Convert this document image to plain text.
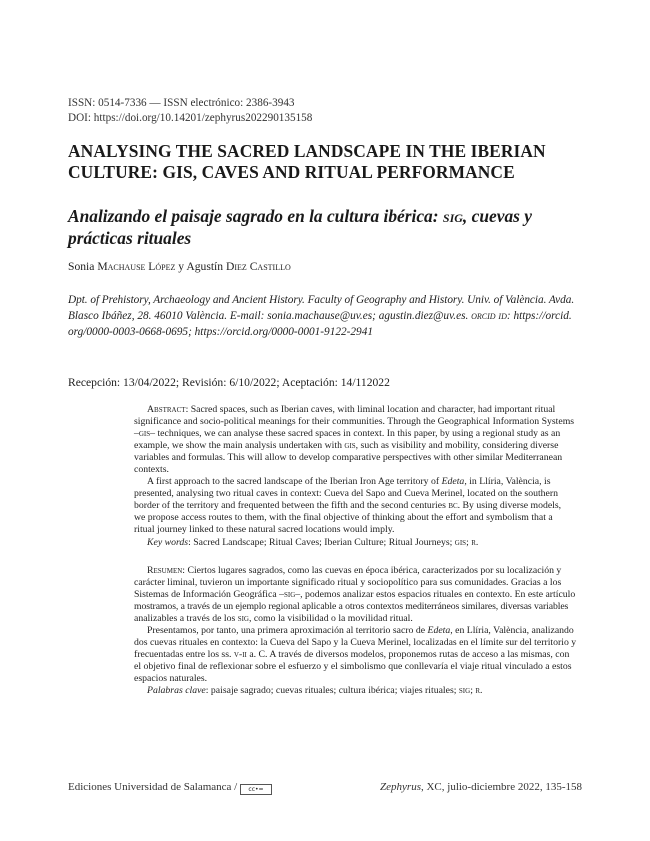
ISSN: 0514-7336 — ISSN electrónico: 2386-3943
DOI: https://doi.org/10.14201/zephyrus202290135158
ANALYSING THE SACRED LANDSCAPE IN THE IBERIAN
CULTURE: GIS, CAVES AND RITUAL PERFORMANCE
Analizando el paisaje sagrado en la cultura ibérica: sig, cuevas y
prácticas rituales
Sonia Machause López y Agustín Diez Castillo
Dpt. of Prehistory, Archaeology and Ancient History. Faculty of Geography and History. Univ. of València. Avda.
Blasco Ibáñez, 28. 46010 València. E-mail: sonia.machause@uv.es; agustin.diez@uv.es. orcid id: https://orcid.
org/0000-0003-0668-0695; https://orcid.org/0000-0001-9122-2941
Recepción: 13/04/2022; Revisión: 6/10/2022; Aceptación: 14/112022
Abstract: Sacred spaces, such as Iberian caves, with liminal location and character, had important ritual
significance and socio-political meanings for their communities. Through the Geographical Information Systems
–gis– techniques, we can analyse these sacred spaces in context. In this paper, by using a regional study as an
example, we show the main analysis undertaken with gis, such as visibility and mobility, considering diverse
variables and formulas. This will allow to develop comparative perspectives with other similar Mediterranean
contexts.
A first approach to the sacred landscape of the Iberian Iron Age territory of Edeta, in Llíria, València, is
presented, analysing two ritual caves in context: Cueva del Sapo and Cueva Merinel, located on the southern
border of the territory and frequented between the fifth and the second centuries bc. By using diverse models,
we propose access routes to them, with the final objective of thinking about the effort and symbolism that a
ritual journey linked to these natural sacred locations would imply.
Key words: Sacred Landscape; Ritual Caves; Iberian Culture; Ritual Journeys; gis; r.
Resumen: Ciertos lugares sagrados, como las cuevas en época ibérica, caracterizados por su localización y
carácter liminal, tuvieron un importante significado ritual y sociopolítico para sus comunidades. Gracias a los
Sistemas de Información Geográfica –sig–, podemos analizar estos espacios rituales en contexto. En este artículo
mostramos, a través de un ejemplo regional aplicable a otros contextos mediterráneos similares, diversas variables
analizables a través de los sig, como la visibilidad o la movilidad ritual.
Presentamos, por tanto, una primera aproximación al territorio sacro de Edeta, en Llíria, València, analizando
dos cuevas rituales en contexto: la Cueva del Sapo y la Cueva Merinel, localizadas en el límite sur del territorio y
frecuentadas entre los ss. v-ii a. C. A través de diversos modelos, proponemos rutas de acceso a las mismas, con
el objetivo final de reflexionar sobre el esfuerzo y el simbolismo que conllevaría el viaje ritual vinculado a estos
espacios naturales.
Palabras clave: paisaje sagrado; cuevas rituales; cultura ibérica; viajes rituales; sig; r.
Ediciones Universidad de Salamanca / cc•=	Zephyrus, XC, julio-diciembre 2022, 135-158
